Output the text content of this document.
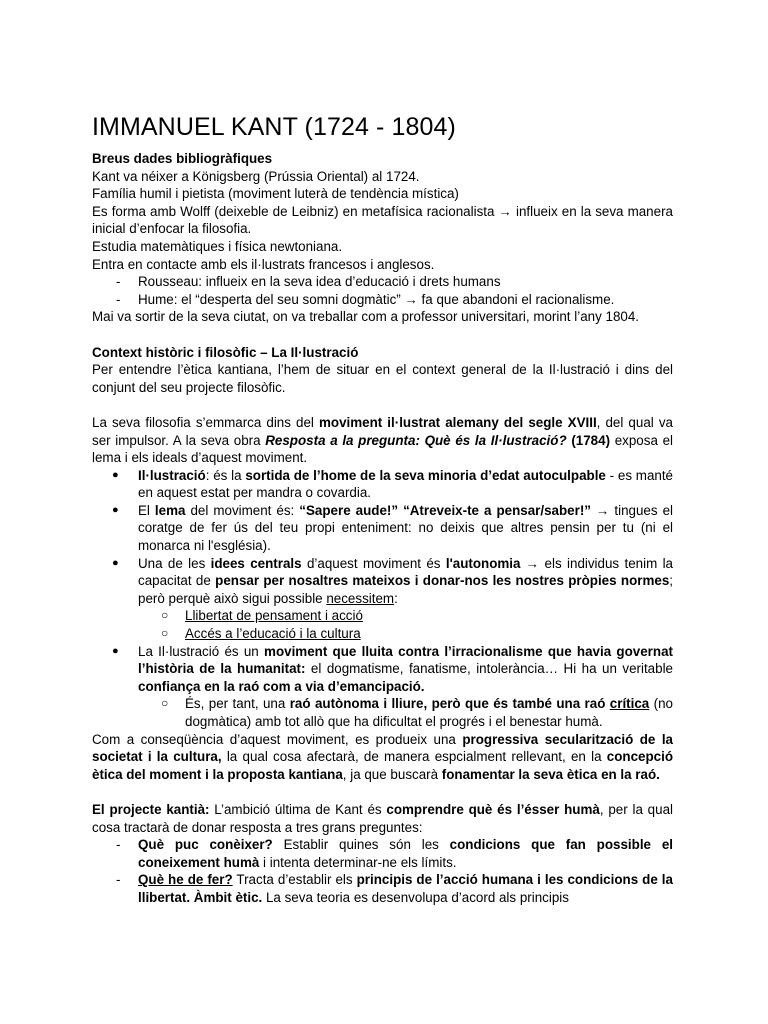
IMMANUEL KANT (1724 - 1804)

Breus dades bibliogràfiques

Kant va néixer a Königsberg (Prússia Oriental) al 1724.

Família humil i pietista (moviment luterà de tendència mística)

Es forma amb Wolff (deixeble de Leibniz) en metafísica racionalista → influeix en la seva manera inicial d’enfocar la filosofia.

Estudia matemàtiques i física newtoniana.

Entra en contacte amb els il·lustrats francesos i anglesos.

- Rousseau: influeix en la seva idea d’educació i drets humans
- Hume: el “desperta del seu somni dogmàtic” → fa que abandoni el racionalisme.

Mai va sortir de la seva ciutat, on va treballar com a professor universitari, morint l’any 1804.

Context històric i filosòfic – La Il·lustració

Per entendre l’ètica kantiana, l’hem de situar en el context general de la Il·lustració i dins del conjunt del seu projecte filosòfic.

La seva filosofia s’emmarca dins del moviment il·lustrat alemany del segle XVIII, del qual va ser impulsor. A la seva obra Resposta a la pregunta: Què és la Il·lustració? (1784) exposa el lema i els ideals d’aquest moviment.

● Il·lustració: és la sortida de l’home de la seva minoria d’edat autoculpable - es manté en aquest estat per mandra o covardia.
● El lema del moviment és: “Sapere aude!” “Atreveix-te a pensar/saber!” → tingues el coratge de fer ús del teu propi enteniment: no deixis que altres pensin per tu (ni el monarca ni l'església).
● Una de les idees centrals d’aquest moviment és l'autonomia → els individus tenim la capacitat de pensar per nosaltres mateixos i donar-nos les nostres pròpies normes; però perquè això sigui possible necessitem:
○ Llibertat de pensament i acció
○ Accés a l’educació i la cultura
● La Il·lustració és un moviment que lluita contra l’irracionalisme que havia governat l’història de la humanitat: el dogmatisme, fanatisme, intolerància… Hi ha un veritable confiança en la raó com a via d’emancipació.
○ És, per tant, una raó autònoma i lliure, però que és també una raó crítica (no dogmàtica) amb tot allò que ha dificultat el progrés i el benestar humà.

Com a conseqüència d’aquest moviment, es produeix una progressiva secularització de la societat i la cultura, la qual cosa afectarà, de manera espcialment rellevant, en la concepció ètica del moment i la proposta kantiana, ja que buscarà fonamentar la seva ètica en la raó.

El projecte kantià: L’ambició última de Kant és comprendre què és l’ésser humà, per la qual cosa tractarà de donar resposta a tres grans preguntes:

- Què puc conèixer? Establir quines són les condicions que fan possible el coneixement humà i intenta determinar-ne els límits.
- Què he de fer? Tracta d’establir els principis de l’acció humana i les condicions de la llibertat. Àmbit ètic. La seva teoria es desenvolupa d’acord als principis
